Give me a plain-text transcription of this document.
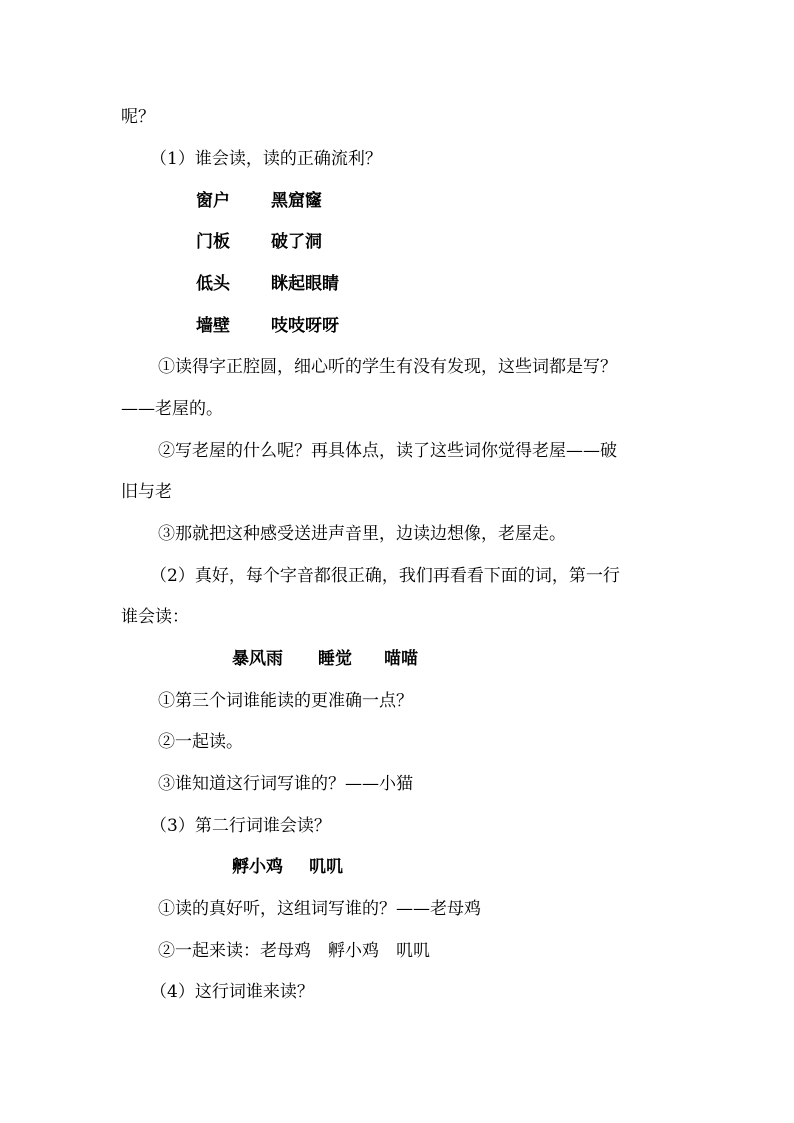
呢？
（1）谁会读，读的正确流利？
窗户 黑窟窿
门板 破了洞
低头 眯起眼睛
墙壁 吱吱呀呀
①读得字正腔圆，细心听的学生有没有发现，这些词都是写？
——老屋的。
②写老屋的什么呢？再具体点，读了这些词你觉得老屋——破
旧与老
③那就把这种感受送进声音里，边读边想像，老屋走。
（2）真好，每个字音都很正确，我们再看看下面的词，第一行
谁会读：
暴风雨 睡觉 喵喵
①第三个词谁能读的更准确一点？
②一起读。
③谁知道这行词写谁的？——小猫
（3）第二行词谁会读？
孵小鸡 叽叽
①读的真好听，这组词写谁的？——老母鸡
②一起来读：老母鸡　孵小鸡　叽叽
（4）这行词谁来读？
